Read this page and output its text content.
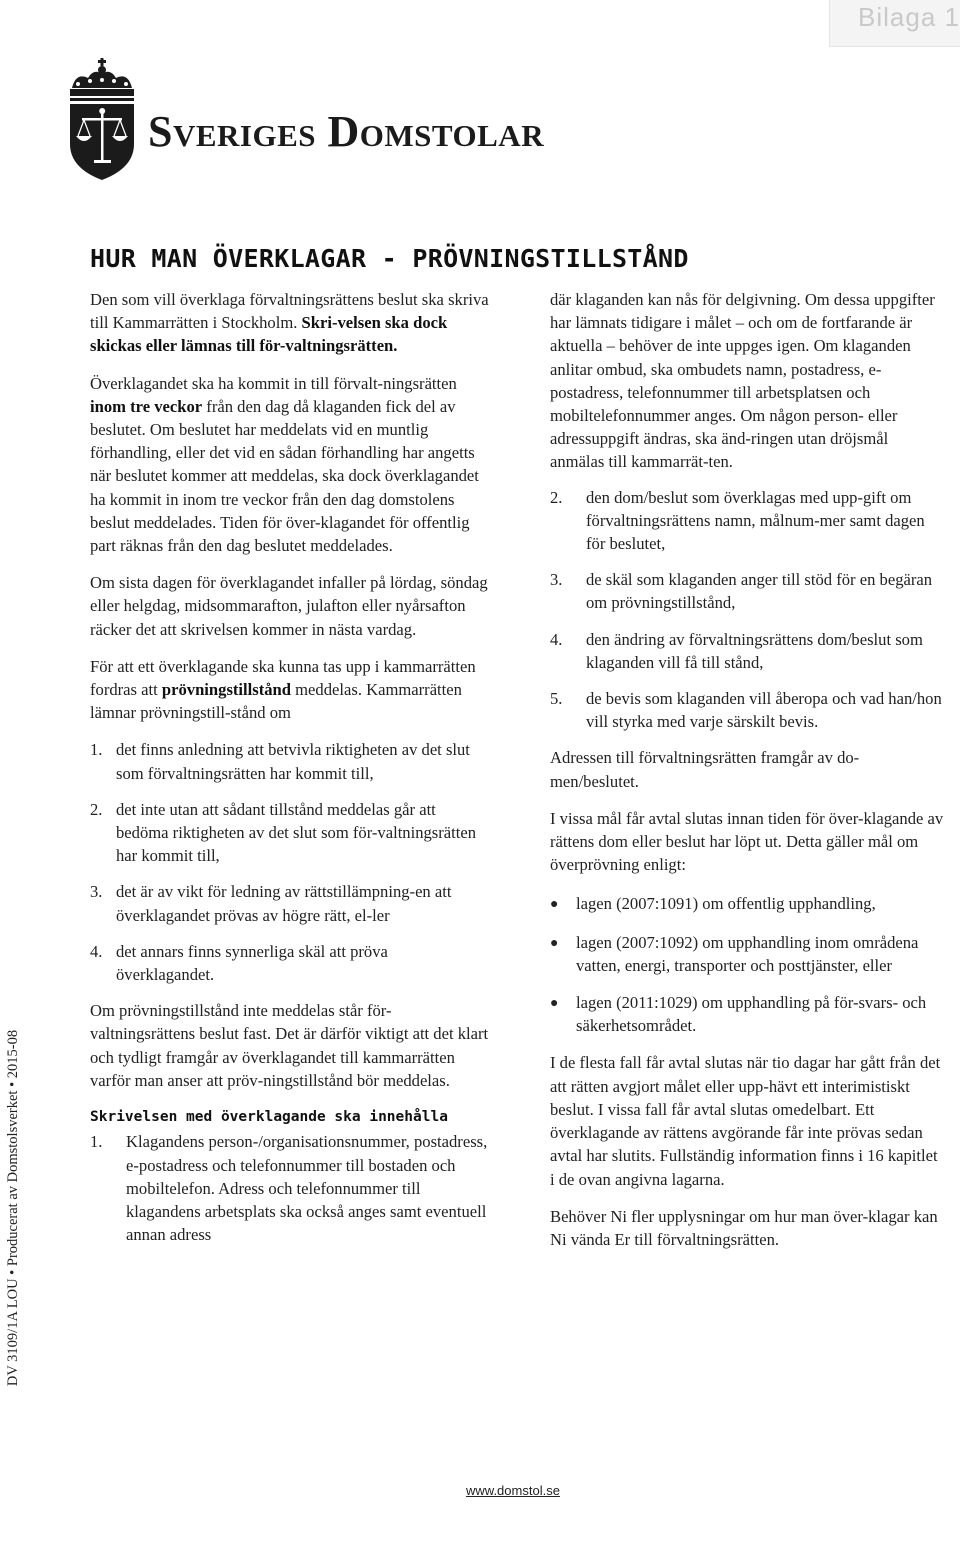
Bilaga 1
Sveriges Domstolar
HUR MAN ÖVERKLAGAR - PRÖVNINGSTILLSTÅND

Den som vill överklaga förvaltningsrättens beslut ska skriva till Kammarrätten i Stockholm. Skri-velsen ska dock skickas eller lämnas till för-valtningsrätten.

Överklagandet ska ha kommit in till förvalt-ningsrätten inom tre veckor från den dag då klaganden fick del av beslutet. Om beslutet har meddelats vid en muntlig förhandling, eller det vid en sådan förhandling har angetts när beslutet kommer att meddelas, ska dock överklagandet ha kommit in inom tre veckor från den dag domstolens beslut meddelades. Tiden för över-klagandet för offentlig part räknas från den dag beslutet meddelades.

Om sista dagen för överklagandet infaller på lördag, söndag eller helgdag, midsommarafton, julafton eller nyårsafton räcker det att skrivelsen kommer in nästa vardag.

För att ett överklagande ska kunna tas upp i kammarrätten fordras att prövningstillstånd meddelas. Kammarrätten lämnar prövningstill-stånd om

1. det finns anledning att betvivla riktigheten av det slut som förvaltningsrätten har kommit till,
2. det inte utan att sådant tillstånd meddelas går att bedöma riktigheten av det slut som för-valtningsrätten har kommit till,
3. det är av vikt för ledning av rättstillämpning-en att överklagandet prövas av högre rätt, el-ler
4. det annars finns synnerliga skäl att pröva överklagandet.

Om prövningstillstånd inte meddelas står för-valtningsrättens beslut fast. Det är därför viktigt att det klart och tydligt framgår av överklagandet till kammarrätten varför man anser att pröv-ningstillstånd bör meddelas.

Skrivelsen med överklagande ska innehålla
1.	Klagandens person-/organisationsnummer, postadress, e-postadress och telefonnummer till bostaden och mobiltelefon. Adress och telefonnummer till klagandens arbetsplats ska också anges samt eventuell annan adress

där klaganden kan nås för delgivning. Om dessa uppgifter har lämnats tidigare i målet – och om de fortfarande är aktuella – behöver de inte uppges igen. Om klaganden anlitar ombud, ska ombudets namn, postadress, e-postadress, telefonnummer till arbetsplatsen och mobiltelefonnummer anges. Om någon person- eller adressuppgift ändras, ska änd-ringen utan dröjsmål anmälas till kammarrät-ten.

2.	den dom/beslut som överklagas med upp-gift om förvaltningsrättens namn, målnum-mer samt dagen för beslutet,
3.	de skäl som klaganden anger till stöd för en begäran om prövningstillstånd,
4.	den ändring av förvaltningsrättens dom/beslut som klaganden vill få till stånd,
5.	de bevis som klaganden vill åberopa och vad han/hon vill styrka med varje särskilt bevis.

Adressen till förvaltningsrätten framgår av do-men/beslutet.

I vissa mål får avtal slutas innan tiden för över-klagande av rättens dom eller beslut har löpt ut. Detta gäller mål om överprövning enligt:

●	lagen (2007:1091) om offentlig upphandling,
●	lagen (2007:1092) om upphandling inom områdena vatten, energi, transporter och posttjänster, eller
●	lagen (2011:1029) om upphandling på för-svars- och säkerhetsområdet.

I de flesta fall får avtal slutas när tio dagar har gått från det att rätten avgjort målet eller upp-hävt ett interimistiskt beslut. I vissa fall får avtal slutas omedelbart. Ett överklagande av rättens avgörande får inte prövas sedan avtal har slutits. Fullständig information finns i 16 kapitlet i de ovan angivna lagarna.

Behöver Ni fler upplysningar om hur man över-klagar kan Ni vända Er till förvaltningsrätten.

DV 3109/1A LOU • Producerat av Domstolsverket • 2015-08
www.domstol.se
